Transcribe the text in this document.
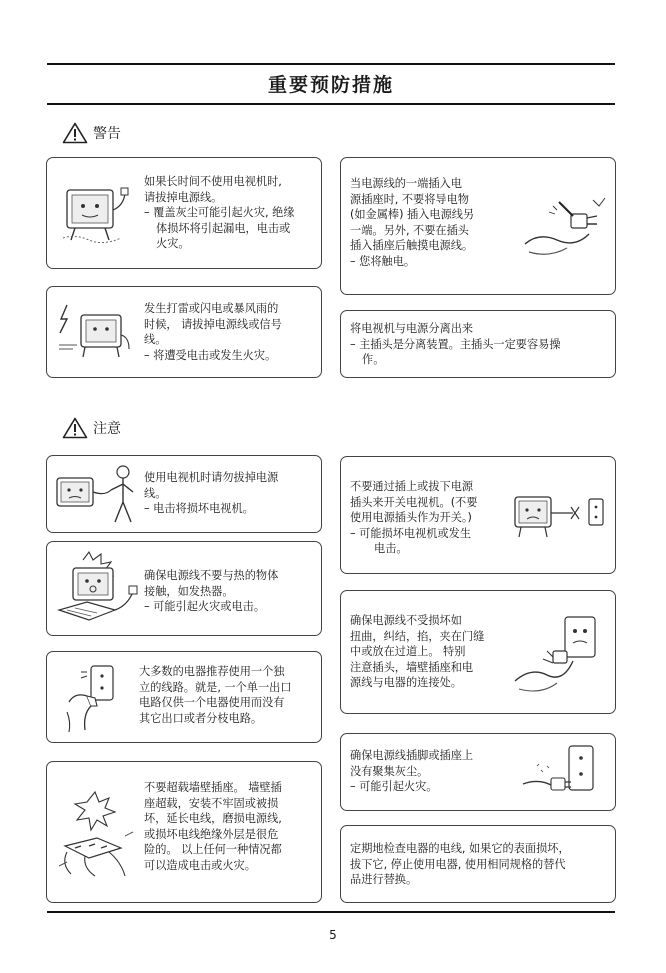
重要预防措施
警告
注意
如果长时间不使用电视机时,
请拔掉电源线。
– 覆盖灰尘可能引起火灾, 绝缘
体损坏将引起漏电，电击或
火灾。
当电源线的一端插入电
源插座时, 不要将导电物
(如金属棒) 插入电源线另
一端。另外, 不要在插头
插入插座后触摸电源线。
– 您将触电。
发生打雷或闪电或暴风雨的
时候， 请拔掉电源线或信号
线。
– 将遭受电击或发生火灾。
将电视机与电源分离出来
– 主插头是分离装置。主插头一定要容易操
作。
使用电视机时请勿拔掉电源
线。
– 电击将损坏电视机。
不要通过插上或拔下电源
插头来开关电视机。(不要
使用电源插头作为开关。)
– 可能损坏电视机或发生
电击。
确保电源线不要与热的物体
接触，如发热器。
– 可能引起火灾或电击。
确保电源线不受损坏如
扭曲，纠结，掐，夹在门缝
中或放在过道上。 特别
注意插头，墙壁插座和电
源线与电器的连接处。
大多数的电器推荐使用一个独
立的线路。就是, 一个单一出口
电路仅供一个电器使用而没有
其它出口或者分枝电路。
确保电源线插脚或插座上
没有聚集灰尘。
– 可能引起火灾。
不要超载墙壁插座。 墙壁插
座超载，安装不牢固或被损
坏，延长电线，磨损电源线,
或损坏电线绝缘外层是很危
险的。 以上任何一种情况都
可以造成电击或火灾。
定期地检查电器的电线, 如果它的表面损坏，
拔下它, 停止使用电器, 使用相同规格的替代
品进行替换。
5
